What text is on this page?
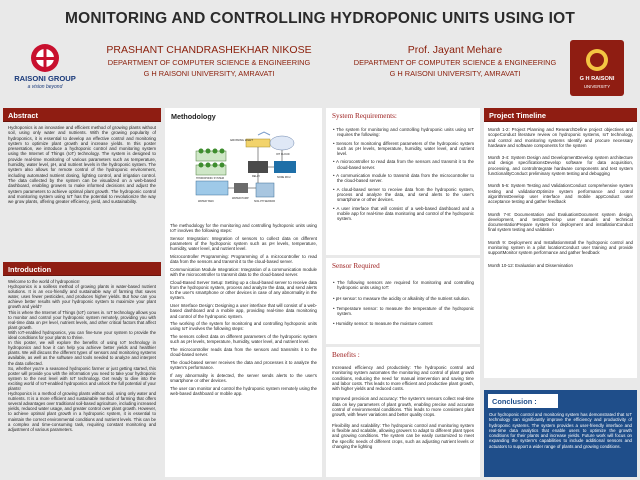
MONITORING AND CONTROLLING HYDROPONIC UNITS USING IOT
RAISONI GROUP
a vision beyond
PRASHANT CHANDRASHEKHAR NIKOSE
DEPARTMENT OF COMPUTER SCIENCE & ENGINEERING
G H RAISONI UNIVERSITY, AMRAVATI
Prof. Jayant Mehare
DEPARTMENT OF COMPUTER SCIENCE & ENGINEERING
G H RAISONI UNIVERSITY, AMRAVATI
G H RAISONI
UNIVERSITY
Abstract
Hydroponics is an innovative and efficient method of growing plants without soil, using only water and nutrients. With the growing popularity of hydroponics, it is essential to develop an effective control and monitoring system to optimize plant growth and increase yields. In this poster presentation, we introduce a hydroponic control and monitoring system using the Internet of Things (IoT) technology. The system is designed to provide real-time monitoring of various parameters such as temperature, humidity, water level, pH, and nutrient levels in the hydroponic system. The system also allows for remote control of the hydroponic environment, including automated nutrient dosing, lighting control, and irrigation control. The data collected by the system can be visualized on a web-based dashboard, enabling growers to make informed decisions and adjust the system parameters to achieve optimal plant growth. The hydroponic control and monitoring system using IoT has the potential to revolutionize the way we grow plants, offering greater efficiency, yield, and sustainability.
Introduction

Welcome to the world of hydroponics!

Hydroponics is a soilless method of growing plants in water-based nutrient solutions. It is an eco-friendly and sustainable way of farming that saves water, uses fewer pesticides, and produces higher yields. But how can you achieve better results with your hydroponic system to maximize your plant growth and yield?

This is where the Internet of Things (IoT) comes in. IoT technology allows you to monitor and control your hydroponic system remotely, providing you with real-time data on pH level, nutrient levels, and other critical factors that affect plant growth.

With IoT-enabled hydroponics, you can fine-tune your system to provide the ideal conditions for your plants to thrive.

In this poster, we will explore the benefits of using IoT technology in hydroponics and how it can help you achieve better yields and healthier plants. We will discuss the different types of sensors and monitoring systems available, as well as the software and tools needed to analyze and interpret the data collected.

So, whether you're a seasoned hydroponic farmer or just getting started, this poster will provide you with the information you need to take your hydroponic system to the next level with IoT technology. Get ready to dive into the exciting world of IoT-enabled hydroponics and unlock the full potential of your plants!

Hydroponics is a method of growing plants without soil, using only water and nutrients. It is a more efficient and sustainable method of farming that offers several advantages over traditional soil-based agriculture, including increased yields, reduced water usage, and greater control over plant growth. However, to achieve optimal plant growth in a hydroponic system, it is essential to maintain the correct environmental conditions and nutrient levels. This can be a complex and time-consuming task, requiring constant monitoring and adjustment of various parameters.

Methodology
GROWING LIGHT
HYDROPONIC SYSTEM
WATER PUMP
WATER TANK	SOIL PH SENSOR
IOT CLOUD
RELAY	NODE MCU

The methodology for the monitoring and controlling hydroponic units using IoT involves the following steps:

Sensor Integration: Integration of sensors to collect data on different parameters of the hydroponic system such as pH levels, temperature, humidity, water level, and nutrient level.

Microcontroller Programming: Programming of a microcontroller to read data from the sensors and transmit it to the cloud-based server.

Communication Module Integration: Integration of a communication module with the microcontroller to transmit data to the cloud-based server.

Cloud-Based Server Setup: Setting up a cloud-based server to receive data from the hydroponic system, process and analyze the data, and send alerts to the user's smartphone or other devices in case of any abnormality in the system.

User Interface Design: Designing a user interface that will consist of a web-based dashboard and a mobile app, providing real-time data monitoring and control of the hydroponic system.

The working of the system for monitoring and controlling hydroponic units using IoT involves the following steps:

The sensors collect data on different parameters of the hydroponic system such as pH levels, temperature, humidity, water level, and nutrient level.

The microcontroller reads data from the sensors and transmits it to the cloud-based server.

The cloud-based server receives the data and processes it to analyze the system's performance.

If any abnormality is detected, the server sends alerts to the user's smartphone or other devices.

The user can monitor and control the hydroponic system remotely using the web-based dashboard or mobile app.

System Requirements:

• The system for monitoring and controlling hydroponic units using IoT requires the following:

• Sensors for monitoring different parameters of the hydroponic system such as pH levels, temperature, humidity, water level, and nutrient level.

• A microcontroller to read data from the sensors and transmit it to the cloud-based server.

• A communication module to transmit data from the microcontroller to the cloud-based server.

• A cloud-based server to receive data from the hydroponic system, process and analyze the data, and send alerts to the user's smartphone or other devices.

• A user interface that will consist of a web-based dashboard and a mobile app for real-time data monitoring and control of the hydroponic system.

Sensor Required

• The following sensors are required for monitoring and controlling hydroponic units using IoT:

• pH sensor: to measure the acidity or alkalinity of the nutrient solution.

• Temperature sensor: to measure the temperature of the hydroponic system.

• Humidity sensor: to measure the moisture content

Benefits :

Increased efficiency and productivity: The hydroponic control and monitoring system automates the monitoring and control of plant growth conditions, reducing the need for manual intervention and saving time and labor costs. This leads to more efficient and productive plant growth, with higher yields and reduced costs.

Improved precision and accuracy: The system's sensors collect real-time data on key parameters of plant growth, enabling precise and accurate control of environmental conditions. This leads to more consistent plant growth, with fewer variations and better quality crops.

Flexibility and scalability: The hydroponic control and monitoring system is flexible and scalable, allowing growers to adapt to different plant types and growing conditions. The system can be easily customized to meet the specific needs of different crops, such as adjusting nutrient levels or changing the lighting

Project Timeline

Month 1-2: Project Planning and ResearchDefine project objectives and scopeConduct literature review on hydroponic systems, IoT technology, and control and monitoring systems Identify and procure necessary hardware and software components for the system

Month 3-4: System Design and DevelopmentDevelop system architecture and design specificationsDevelop software for data acquisition, processing, and controlIntegrate hardware components and test system functionalityConduct preliminary system testing and debugging

Month 5-6: System Testing and ValidationConduct comprehensive system testing and validationOptimize system performance and control algorithmsDevelop user interface and mobile appConduct user acceptance testing and gather feedback

Month 7-8: Documentation and EvaluationDocument system design, development, and testingDevelop user manuals and technical documentationPrepare system for deployment and installationConduct final system testing and validation

Month 9: Deployment and InstallationInstall the hydroponic control and monitoring system in a pilot locationConduct user training and provide supportMonitor system performance and gather feedback

Month 10-12: Evaluation and Dissemination

Conclusion :
Our hydroponic control and monitoring system has demonstrated that IoT technology can significantly improve the efficiency and productivity of hydroponic systems. The system provides a user-friendly interface and real-time data analytics that enable users to optimize the growth conditions for their plants and increase yields. Future work will focus on expanding the system's capabilities to include additional sensors and actuators to support a wider range of plants and growing conditions.
